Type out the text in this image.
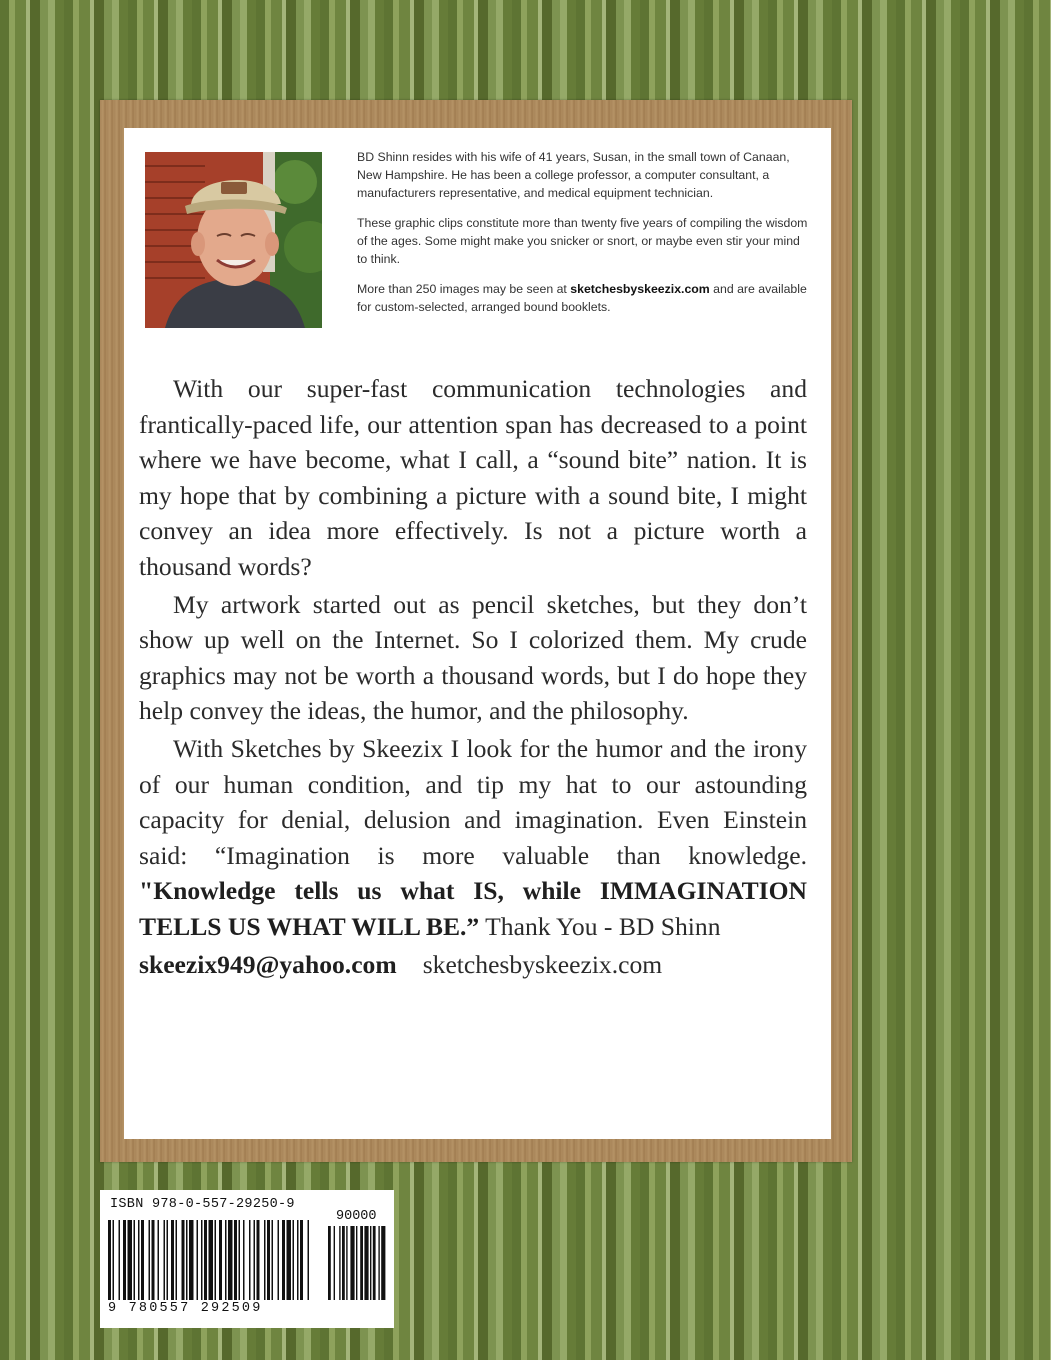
BD Shinn resides with his wife of 41 years, Susan, in the small town of Canaan, New Hampshire. He has been a college professor, a computer consultant, a manufacturers representative, and medical equipment technician.

These graphic clips constitute more than twenty five years of compiling the wisdom of the ages. Some might make you snicker or snort, or maybe even stir your mind to think.

More than 250 images may be seen at sketchesbyskeezix.com and are available for custom-selected, arranged bound booklets.

With our super-fast communication technologies and frantically-paced life, our attention span has decreased to a point where we have become, what I call, a “sound bite” nation. It is my hope that by combining a picture with a sound bite, I might convey an idea more effectively. Is not a picture worth a thousand words?

My artwork started out as pencil sketches, but they don’t show up well on the Internet. So I colorized them. My crude graphics may not be worth a thousand words, but I do hope they help convey the ideas, the humor, and the philosophy.

With Sketches by Skeezix I look for the humor and the irony of our human condition, and tip my hat to our astounding capacity for denial, delusion and imagination. Even Einstein said: “Imagination is more valuable than knowledge. "Knowledge tells us what IS, while IMMAGINATION TELLS US WHAT WILL BE.” Thank You - BD Shinn

skeezix949@yahoo.com sketchesbyskeezix.com

ISBN 978-0-557-29250-9
90000
9 780557 292509
